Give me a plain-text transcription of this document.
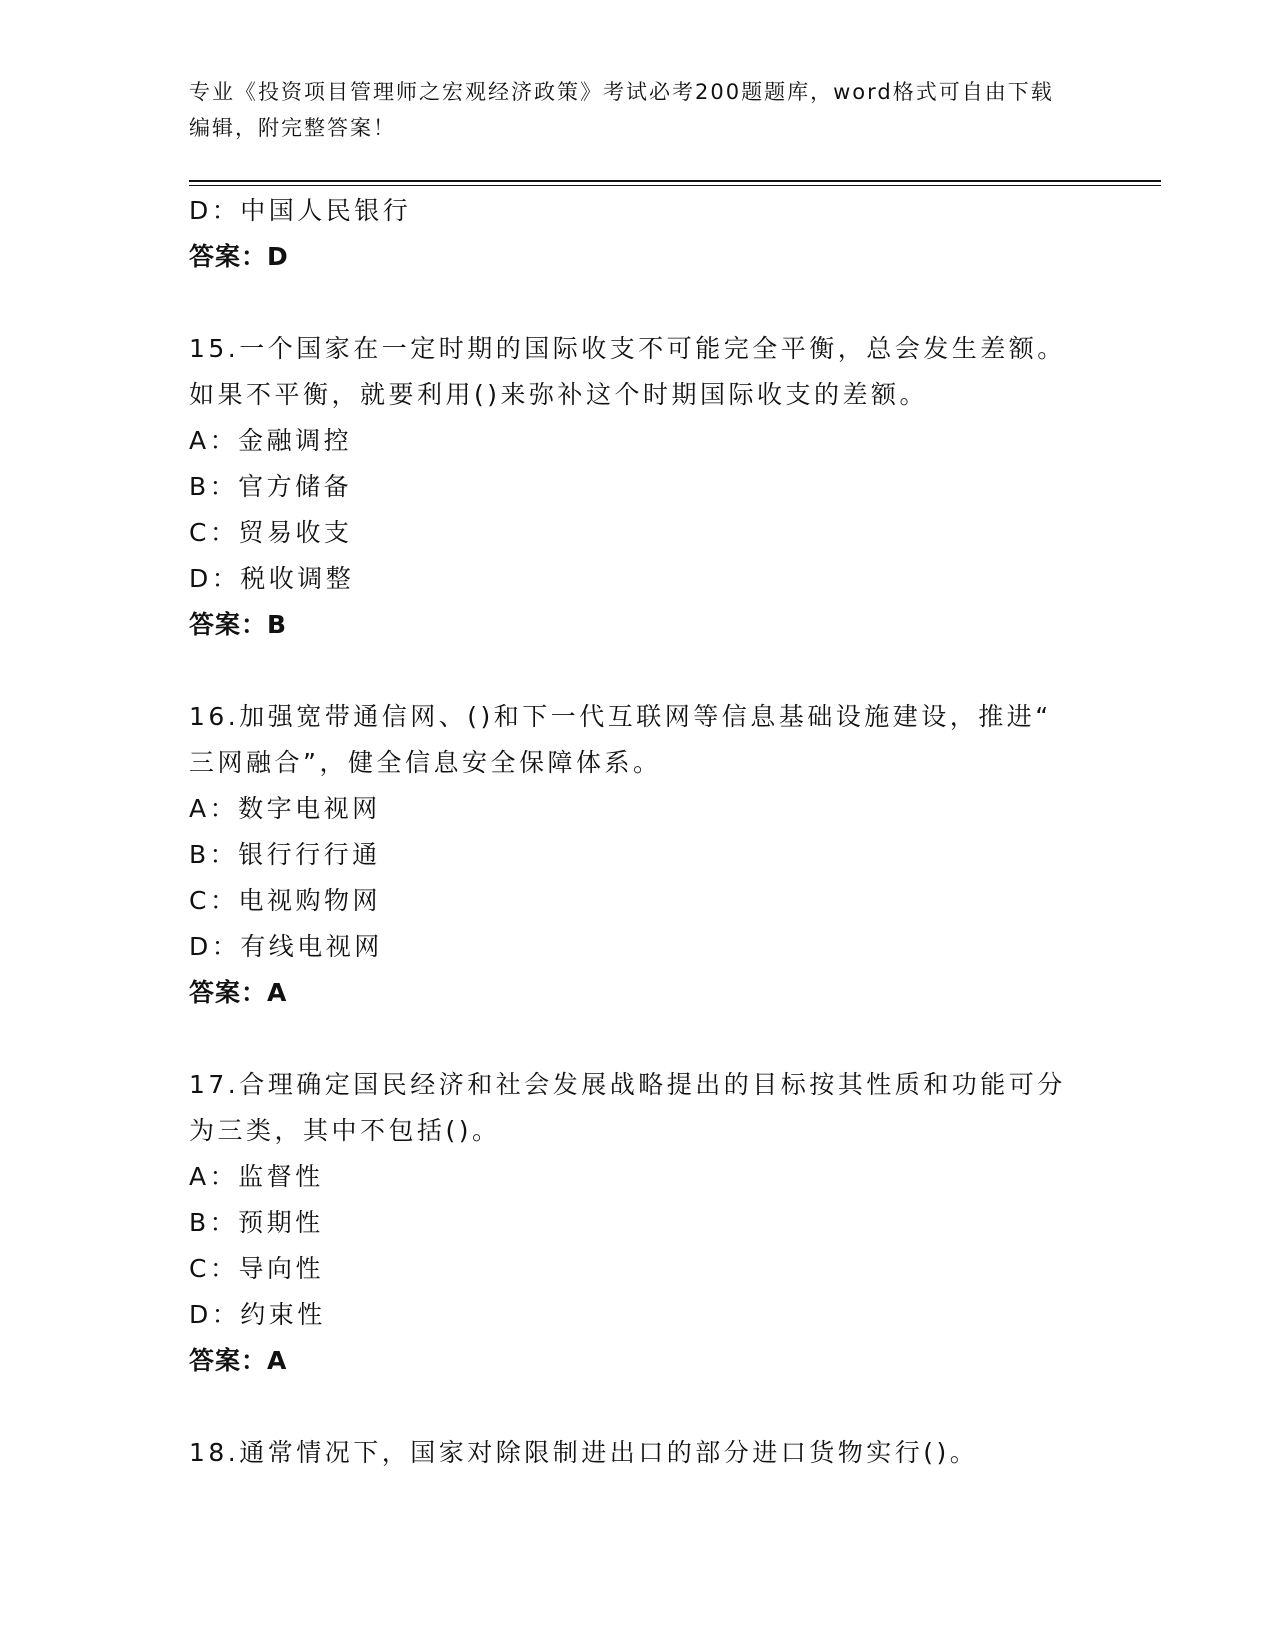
专业《投资项目管理师之宏观经济政策》考试必考200题题库，word格式可自由下载编辑，附完整答案！
D：中国人民银行
答案：D
15.一个国家在一定时期的国际收支不可能完全平衡，总会发生差额。
如果不平衡，就要利用()来弥补这个时期国际收支的差额。
A：金融调控
B：官方储备
C：贸易收支
D：税收调整
答案：B
16.加强宽带通信网、()和下一代互联网等信息基础设施建设，推进“
三网融合”，健全信息安全保障体系。
A：数字电视网
B：银行行行通
C：电视购物网
D：有线电视网
答案：A
17.合理确定国民经济和社会发展战略提出的目标按其性质和功能可分
为三类，其中不包括()。
A：监督性
B：预期性
C：导向性
D：约束性
答案：A
18.通常情况下，国家对除限制进出口的部分进口货物实行()。
